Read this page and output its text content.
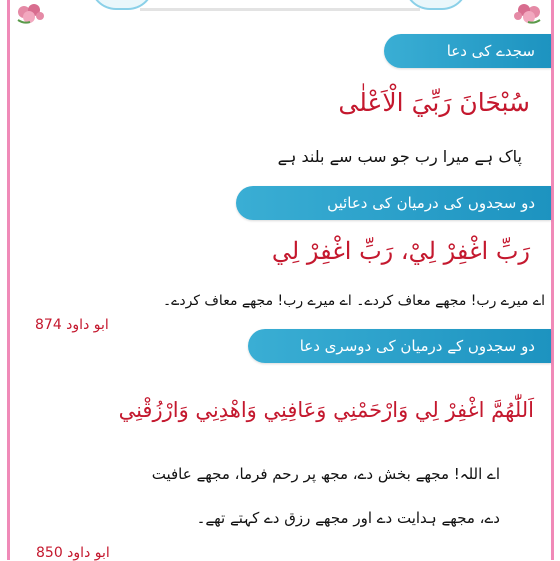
سجدے کی دعا
سُبْحَانَ رَبِّيَ الْاَعْلٰى
پاک ہے میرا رب جو سب سے بلند ہے
دو سجدوں کی درمیان کی دعائیں
رَبِّ اغْفِرْ لِيْ، رَبِّ اغْفِرْ لِي
اے میرے رب! مجھے معاف کردے۔ اے میرے رب! مجھے معاف کردے۔
ابو داود 874
دو سجدوں کے درمیان کی دوسری دعا
اَللّٰهُمَّ اغْفِرْ لِي وَارْحَمْنِي وَعَافِنِي وَاهْدِنِي وَارْزُقْنِي
اے اللہ! مجھے بخش دے، مجھ پر رحم فرما، مجھے عافیت
دے، مجھے ہدایت دے اور مجھے رزق دے کہتے تھے۔
ابو داود 850
